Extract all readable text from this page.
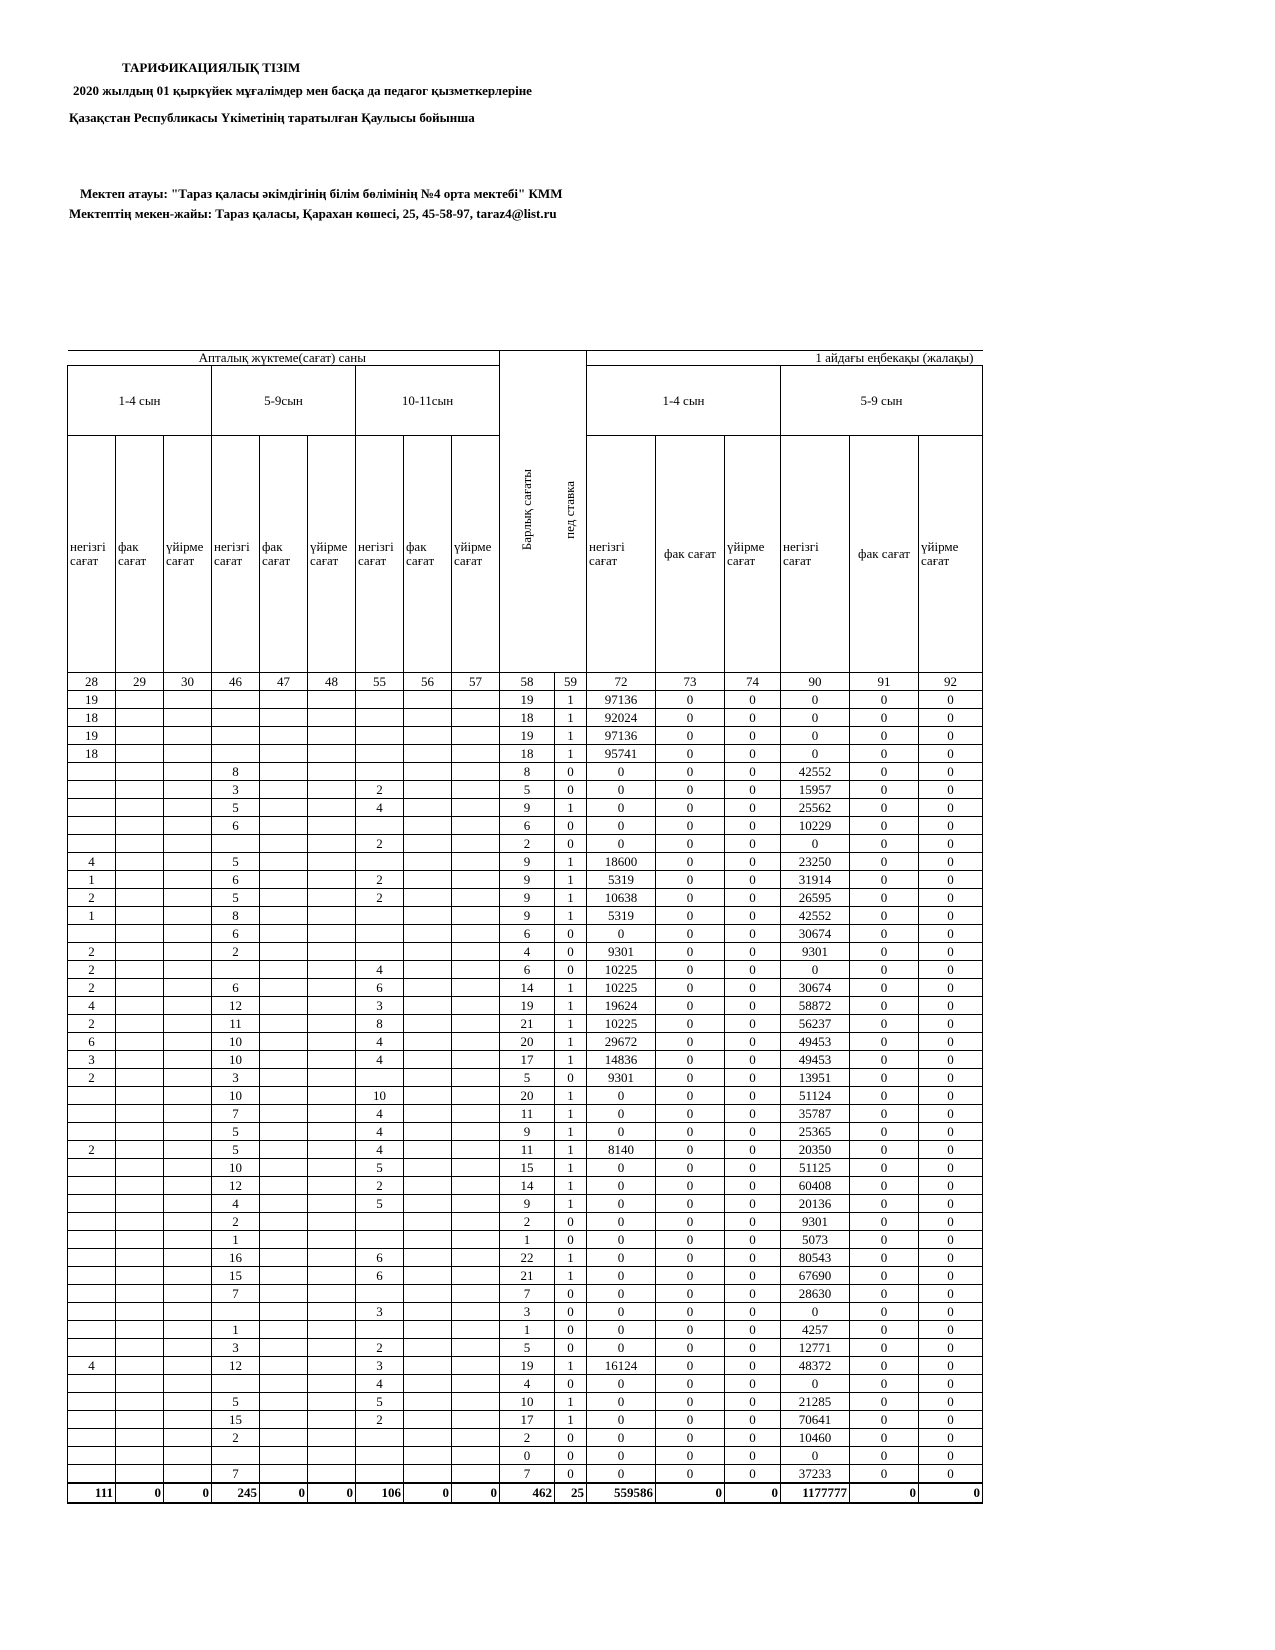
ТАРИФИКАЦИЯЛЫҚ ТІЗІМ
2020 жылдың 01 қыркүйек мұғалімдер мен басқа да педагог қызметкерлеріне
Қазақстан Республикасы Үкіметінің таратылған Қаулысы бойынша
Мектеп атауы: "Тараз қаласы әкімдігінің білім бөлімінің №4 орта мектебі" КММ
Мектептің мекен-жайы: Тараз қаласы, Қарахан көшесі, 25, 45-58-97, taraz4@list.ru
Апталық жүктеме(сағат) саны									Барлық сағаты	пед ставка	1 айдағы еңбекақы (жалақы)					
1-4 сын			5-9сын			10-11сын					1-4 сын			5-9 сын		
негізгі сағат	фак сағат	үйірме сағат	негізгі сағат	фак сағат	үйірме сағат	негізгі сағат	фак сағат	үйірме сағат			негізгі сағат	фак сағат	үйірме сағат	негізгі сағат	фак сағат	үйірме сағат
28	29	30	46	47	48	55	56	57	58	59	72	73	74	90	91	92
19									19	1	97136	0	0	0	0	0
18									18	1	92024	0	0	0	0	0
19									19	1	97136	0	0	0	0	0
18									18	1	95741	0	0	0	0	0
			8						8	0	0	0	0	42552	0	0
			3			2			5	0	0	0	0	15957	0	0
			5			4			9	1	0	0	0	25562	0	0
			6						6	0	0	0	0	10229	0	0
						2			2	0	0	0	0	0	0	0
4			5						9	1	18600	0	0	23250	0	0
1			6			2			9	1	5319	0	0	31914	0	0
2			5			2			9	1	10638	0	0	26595	0	0
1			8						9	1	5319	0	0	42552	0	0
			6						6	0	0	0	0	30674	0	0
2			2						4	0	9301	0	0	9301	0	0
2						4			6	0	10225	0	0	0	0	0
2			6			6			14	1	10225	0	0	30674	0	0
4			12			3			19	1	19624	0	0	58872	0	0
2			11			8			21	1	10225	0	0	56237	0	0
6			10			4			20	1	29672	0	0	49453	0	0
3			10			4			17	1	14836	0	0	49453	0	0
2			3						5	0	9301	0	0	13951	0	0
			10			10			20	1	0	0	0	51124	0	0
			7			4			11	1	0	0	0	35787	0	0
			5			4			9	1	0	0	0	25365	0	0
2			5			4			11	1	8140	0	0	20350	0	0
			10			5			15	1	0	0	0	51125	0	0
			12			2			14	1	0	0	0	60408	0	0
			4			5			9	1	0	0	0	20136	0	0
			2						2	0	0	0	0	9301	0	0
			1						1	0	0	0	0	5073	0	0
			16			6			22	1	0	0	0	80543	0	0
			15			6			21	1	0	0	0	67690	0	0
			7						7	0	0	0	0	28630	0	0
						3			3	0	0	0	0	0	0	0
			1						1	0	0	0	0	4257	0	0
			3			2			5	0	0	0	0	12771	0	0
4			12			3			19	1	16124	0	0	48372	0	0
						4			4	0	0	0	0	0	0	0
			5			5			10	1	0	0	0	21285	0	0
			15			2			17	1	0	0	0	70641	0	0
			2						2	0	0	0	0	10460	0	0
									0	0	0	0	0	0	0	0
			7						7	0	0	0	0	37233	0	0
111	0	0	245	0	0	106	0	0	462	25	559586	0	0	1177777	0	0
